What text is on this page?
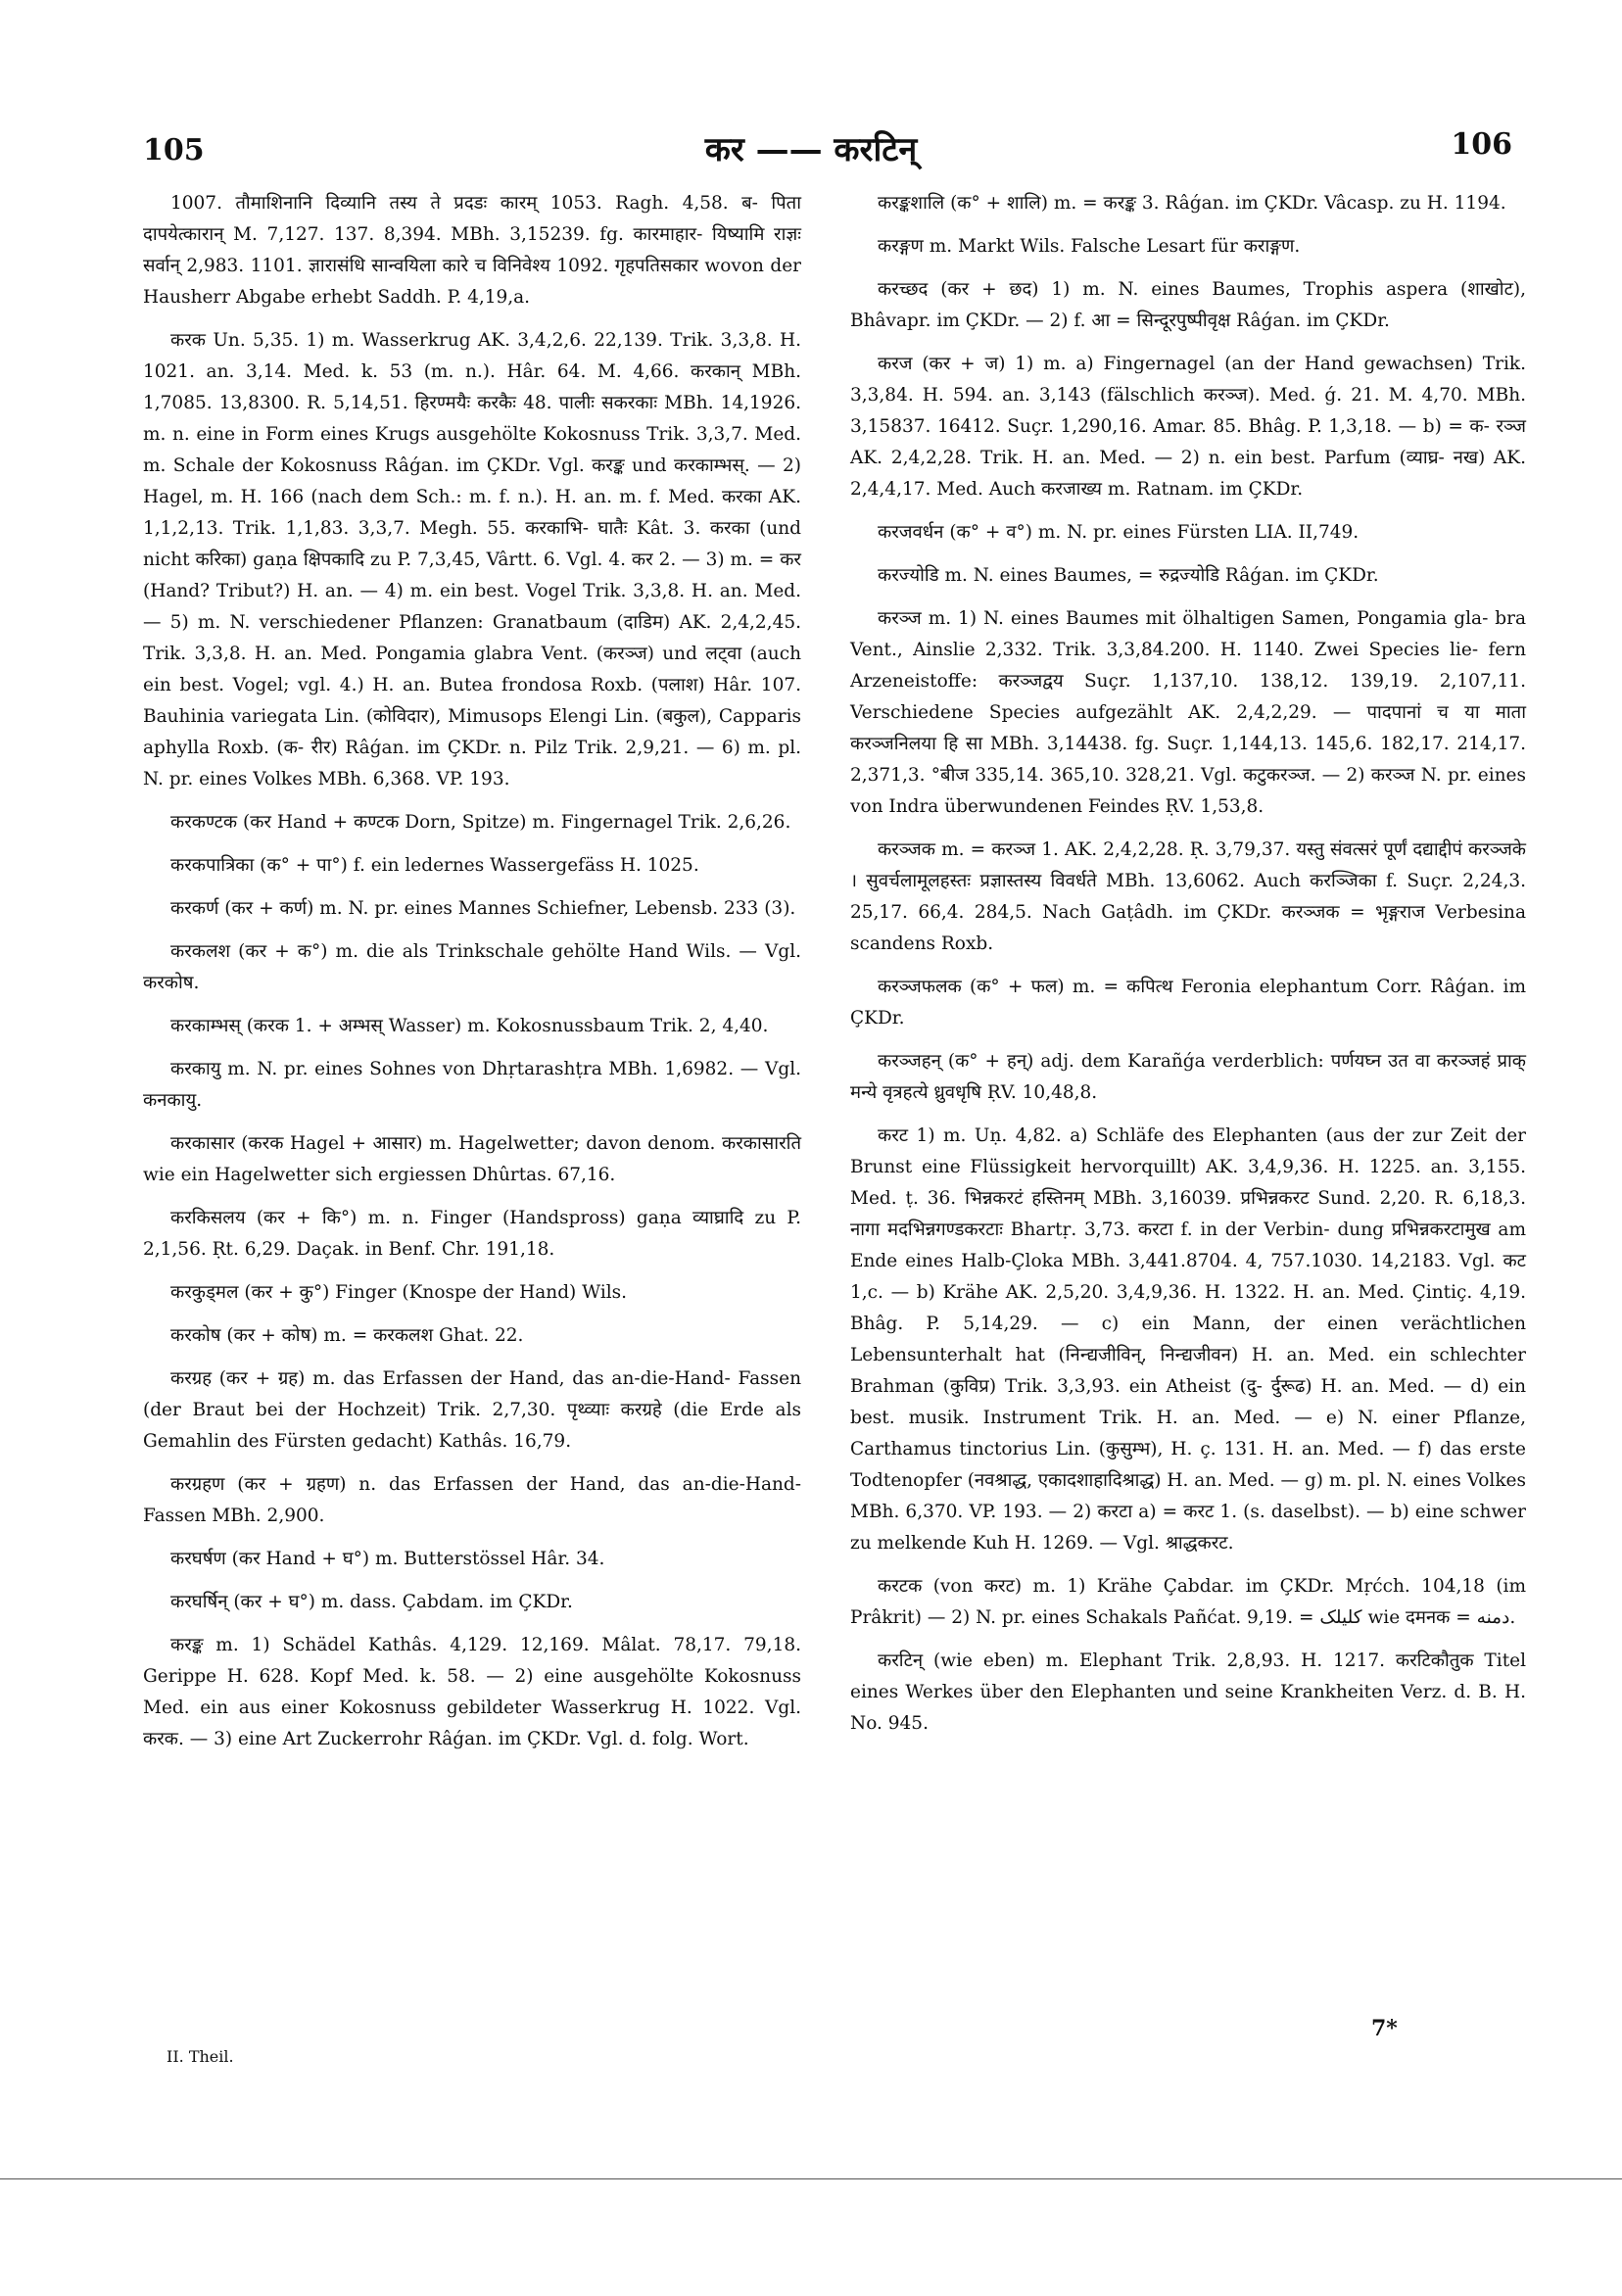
105	कर —— करटिन्	106

1007. तौमाशिनानि दिव्यानि तस्य ते प्रदडः कारम् 1053. Ragh. 4,58. ब- पिता दापयेत्कारान् M. 7,127. 137. 8,394. MBh. 3,15239. fg. कारमाहार- यिष्यामि राज्ञः सर्वान् 2,983. 1101. ज्ञारासंधि सान्वयिला कारे च विनिवेश्य 1092. गृहपतिसकार wovon der Hausherr Abgabe erhebt Saddh. P. 4,19,a.

करक Un. 5,35. 1) m. Wasserkrug AK. 3,4,2,6. 22,139. Trik. 3,3,8. H. 1021. an. 3,14. Med. k. 53 (m. n.). Hâr. 64. M. 4,66. करकान् MBh. 1,7085. 13,8300. R. 5,14,51. हिरण्मयैः करकैः 48. पालीः सकरकाः MBh. 14,1926. m. n. eine in Form eines Krugs ausgehölte Kokosnuss Trik. 3,3,7. Med. m. Schale der Kokosnuss Râǵan. im ÇKDr. Vgl. करङ्क und करकाम्भस्. — 2) Hagel, m. H. 166 (nach dem Sch.: m. f. n.). H. an. m. f. Med. करका AK. 1,1,2,13. Trik. 1,1,83. 3,3,7. Megh. 55. करकाभि- घातैः Kât. 3. करका (und nicht करिका) gaṇa क्षिपकादि zu P. 7,3,45, Vârtt. 6. Vgl. 4. कर 2. — 3) m. = कर (Hand? Tribut?) H. an. — 4) m. ein best. Vogel Trik. 3,3,8. H. an. Med. — 5) m. N. verschiedener Pflanzen: Granatbaum (दाडिम) AK. 2,4,2,45. Trik. 3,3,8. H. an. Med. Pongamia glabra Vent. (करञ्ज) und लट्वा (auch ein best. Vogel; vgl. 4.) H. an. Butea frondosa Roxb. (पलाश) Hâr. 107. Bauhinia variegata Lin. (कोविदार), Mimusops Elengi Lin. (बकुल), Capparis aphylla Roxb. (क- रीर) Râǵan. im ÇKDr. n. Pilz Trik. 2,9,21. — 6) m. pl. N. pr. eines Volkes MBh. 6,368. VP. 193.

करकण्टक (कर Hand + कण्टक Dorn, Spitze) m. Fingernagel Trik. 2,6,26.

करकपात्रिका (क° + पा°) f. ein ledernes Wassergefäss H. 1025.

करकर्ण (कर + कर्ण) m. N. pr. eines Mannes Schiefner, Lebensb. 233 (3).

करकलश (कर + क°) m. die als Trinkschale gehölte Hand Wils. — Vgl. करकोष.

करकाम्भस् (करक 1. + अम्भस् Wasser) m. Kokosnussbaum Trik. 2, 4,40.

करकायु m. N. pr. eines Sohnes von Dhṛtarashṭra MBh. 1,6982. — Vgl. कनकायु.

करकासार (करक Hagel + आसार) m. Hagelwetter; davon denom. करकासारति wie ein Hagelwetter sich ergiessen Dhûrtas. 67,16.

करकिसलय (कर + कि°) m. n. Finger (Handspross) gaṇa व्याघ्रादि zu P. 2,1,56. Ṛt. 6,29. Daçak. in Benf. Chr. 191,18.

करकुड्मल (कर + कु°) Finger (Knospe der Hand) Wils.

करकोष (कर + कोष) m. = करकलश Ghat. 22.

करग्रह (कर + ग्रह) m. das Erfassen der Hand, das an-die-Hand- Fassen (der Braut bei der Hochzeit) Trik. 2,7,30. पृथ्व्याः करग्रहे (die Erde als Gemahlin des Fürsten gedacht) Kathâs. 16,79.

करग्रहण (कर + ग्रहण) n. das Erfassen der Hand, das an-die-Hand- Fassen MBh. 2,900.

करघर्षण (कर Hand + घ°) m. Butterstössel Hâr. 34.

करघर्षिन् (कर + घ°) m. dass. Çabdam. im ÇKDr.

करङ्क m. 1) Schädel Kathâs. 4,129. 12,169. Mâlat. 78,17. 79,18. Gerippe H. 628. Kopf Med. k. 58. — 2) eine ausgehölte Kokosnuss Med. ein aus einer Kokosnuss gebildeter Wasserkrug H. 1022. Vgl. करक. — 3) eine Art Zuckerrohr Râǵan. im ÇKDr. Vgl. d. folg. Wort.

करङ्कशालि (क° + शालि) m. = करङ्क 3. Râǵan. im ÇKDr. Vâcasp. zu H. 1194.

करङ्गण m. Markt Wils. Falsche Lesart für कराङ्गण.

करच्छद (कर + छद) 1) m. N. eines Baumes, Trophis aspera (शाखोट), Bhâvapr. im ÇKDr. — 2) f. आ = सिन्दूरपुष्पीवृक्ष Râǵan. im ÇKDr.

करज (कर + ज) 1) m. a) Fingernagel (an der Hand gewachsen) Trik. 3,3,84. H. 594. an. 3,143 (fälschlich करञ्ज). Med. ǵ. 21. M. 4,70. MBh. 3,15837. 16412. Suçr. 1,290,16. Amar. 85. Bhâg. P. 1,3,18. — b) = क- रञ्ज AK. 2,4,2,28. Trik. H. an. Med. — 2) n. ein best. Parfum (व्याघ्र- नख) AK. 2,4,4,17. Med. Auch करजाख्य m. Ratnam. im ÇKDr.

करजवर्धन (क° + व°) m. N. pr. eines Fürsten LIA. II,749.

करज्योडि m. N. eines Baumes, = रुद्रज्योडि Râǵan. im ÇKDr.

करञ्ज m. 1) N. eines Baumes mit ölhaltigen Samen, Pongamia gla- bra Vent., Ainslie 2,332. Trik. 3,3,84.200. H. 1140. Zwei Species lie- fern Arzeneistoffe: करञ्जद्वय Suçr. 1,137,10. 138,12. 139,19. 2,107,11. Verschiedene Species aufgezählt AK. 2,4,2,29. — पादपानां च या माता करञ्जनिलया हि सा MBh. 3,14438. fg. Suçr. 1,144,13. 145,6. 182,17. 214,17. 2,371,3. °बीज 335,14. 365,10. 328,21. Vgl. कटुकरञ्ज. — 2) करञ्ज N. pr. eines von Indra überwundenen Feindes ṚV. 1,53,8.

करञ्जक m. = करञ्ज 1. AK. 2,4,2,28. Ṛ. 3,79,37. यस्तु संवत्सरं पूर्णं दद्याद्दीपं करञ्जके । सुवर्चलामूलहस्तः प्रज्ञास्तस्य विवर्धते MBh. 13,6062. Auch करञ्जिका f. Suçr. 2,24,3. 25,17. 66,4. 284,5. Nach Gaṭâdh. im ÇKDr. करञ्जक = भृङ्गराज Verbesina scandens Roxb.

करञ्जफलक (क° + फल) m. = कपित्थ Feronia elephantum Corr. Râǵan. im ÇKDr.

करञ्जहन् (क° + हन्) adj. dem Karañǵa verderblich: पर्णयघ्न उत वा करञ्जहं प्राक् मन्ये वृत्रहत्ये ध्रुवधृषि ṚV. 10,48,8.

करट 1) m. Uṇ. 4,82. a) Schläfe des Elephanten (aus der zur Zeit der Brunst eine Flüssigkeit hervorquillt) AK. 3,4,9,36. H. 1225. an. 3,155. Med. ṭ. 36. भिन्नकरटं हस्तिनम् MBh. 3,16039. प्रभिन्नकरट Sund. 2,20. R. 6,18,3. नागा मदभिन्नगण्डकरटाः Bhartṛ. 3,73. करटा f. in der Verbin- dung प्रभिन्नकरटामुख am Ende eines Halb-Çloka MBh. 3,441.8704. 4, 757.1030. 14,2183. Vgl. कट 1,c. — b) Krähe AK. 2,5,20. 3,4,9,36. H. 1322. H. an. Med. Çintiç. 4,19. Bhâg. P. 5,14,29. — c) ein Mann, der einen verächtlichen Lebensunterhalt hat (निन्द्यजीविन्, निन्द्यजीवन) H. an. Med. ein schlechter Brahman (कुविप्र) Trik. 3,3,93. ein Atheist (दु- र्दुरूढ) H. an. Med. — d) ein best. musik. Instrument Trik. H. an. Med. — e) N. einer Pflanze, Carthamus tinctorius Lin. (कुसुम्भ), H. ç. 131. H. an. Med. — f) das erste Todtenopfer (नवश्राद्ध, एकादशाहादिश्राद्ध) H. an. Med. — g) m. pl. N. eines Volkes MBh. 6,370. VP. 193. — 2) करटा a) = करट 1. (s. daselbst). — b) eine schwer zu melkende Kuh H. 1269. — Vgl. श्राद्धकरट.

करटक (von करट) m. 1) Krähe Çabdar. im ÇKDr. Mṛćch. 104,18 (im Prâkrit) — 2) N. pr. eines Schakals Pañćat. 9,19. = کلیلک wie दमनक = دمنه.

करटिन् (wie eben) m. Elephant Trik. 2,8,93. H. 1217. करटिकौतुक Titel eines Werkes über den Elephanten und seine Krankheiten Verz. d. B. H. No. 945.

II. Theil.
7*
